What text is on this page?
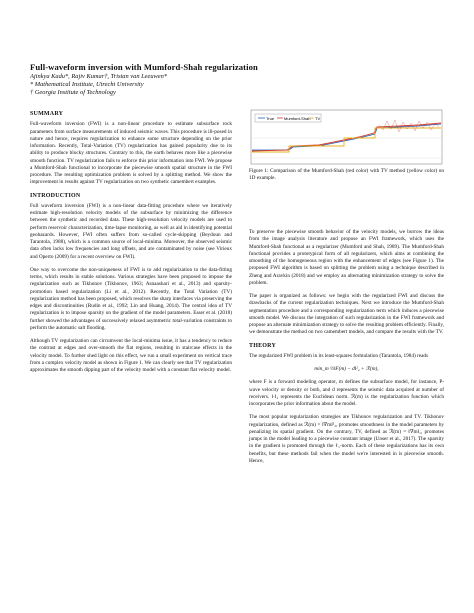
Full-waveform inversion with Mumford-Shah regularization
Ajinkya Kadu*, Rajiv Kumar†, Tristan van Leeuwen*
* Mathematical Institute, Utrecht University
† Georgia Institute of Technology
SUMMARY

Full-waveform inversion (FWI) is a non-linear procedure to estimate subsurface rock parameters from surface measurements of induced seismic waves. This procedure is ill-posed in nature and hence, requires regularization to enhance some structure depending on the prior information. Recently, Total-Variation (TV) regularization has gained popularity due to its ability to produce blocky structures. Contrary to this, the earth behaves more like a piecewise smooth function. TV regularization fails to enforce this prior information into FWI. We propose a Mumford-Shah functional to incorporate the piecewise smooth spatial structure in the FWI procedure. The resulting optimization problem is solved by a splitting method. We show the improvement in results against TV regularization on two synthetic camembert examples.

INTRODUCTION

Full waveform inversion (FWI) is a non-linear data-fitting procedure where we iteratively estimate high-resolution velocity models of the subsurface by minimizing the difference between the synthetic and recorded data. These high-resolution velocity models are used to perform reservoir characterization, time-lapse monitoring, as well as aid in identifying potential geohazards. However, FWI often suffers from so-called cycle-skipping (Beydoun and Tarantola, 1988), which is a common source of local-minima. Moreover, the observed seismic data often lacks low frequencies and long offsets, and are contaminated by noise (see Virieux and Operto (2009) for a recent overview on FWI).

One way to overcome the non-uniqueness of FWI is to add regularization to the data-fitting terms, which results in stable solutions. Various strategies have been proposed to impose the regularization such as Tikhonov (Tikhonov, 1963; Asnaashari et al., 2013) and sparsity-promotion based regularization (Li et al., 2012). Recently, the Total Variation (TV) regularization method has been proposed, which resolves the sharp interfaces via preserving the edges and discontinuities (Rudin et al., 1992; Lin and Huang, 2014). The central idea of TV regularization is to impose sparsity on the gradient of the model parameters. Esser et al. (2018) further showed the advantages of successively relaxed asymmetric total-variation constraints to perform the automatic salt flooding.

Although TV regularization can circumvent the local-minima issue, it has a tendency to reduce the contrast at edges and over-smooth the flat regions, resulting in staircase effects in the velocity model. To further shed light on this effect, we run a small experiment on vertical trace from a complex velocity model as shown in Figure 1. We can clearly see that TV regularization approximates the smooth dipping part of the velocity model with a constant flat velocity model.

True Mumford-Shah TV
Figure 1: Comparison of the Mumford-Shah (red color) with TV method (yellow color) on 1D example.

To preserve the piecewise smooth behavior of the velocity models, we borrow the ideas from the image analysis literature and propose an FWI framework, which uses the Mumford-Shah functional as a regularizer (Mumford and Shah, 1989). The Mumford-Shah functional provides a prototypical form of all regularizers, which aims at combining the smoothing of the homogeneous region with the enhancement of edges (see Figure 1). The proposed FWI algorithm is based on splitting the problem using a technique described in Zheng and Aravkin (2018) and we employ an alternating minimization strategy to solve the problem.

The paper is organized as follows: we begin with the regularized FWI and discuss the drawbacks of the current regularization techniques. Next we introduce the Mumford-Shah segmentation procedure and a corresponding regularization term which induces a piecewise smooth model. We discuss the integration of such regularization in the FWI framework and propose an alternate minimization strategy to solve the resulting problem efficiently. Finally, we demonstrate the method on two camembert models, and compare the results with the TV.

THEORY

The regularized FWI problem in its least-squares formulation (Tarantola, 1984) reads

min_m ½‖F(m) − d‖²₂ + ℛ(m),

where F is a forward modeling operator, m defines the subsurface model, for instance, P-wave velocity or density or both, and d represents the seismic data acquired at number of receivers. ‖·‖₂ represents the Euclidean norm. ℛ(m) is the regularization function which incorporates the prior information about the model.

The most popular regularization strategies are Tikhonov regularization and TV. Tikhonov regularization, defined as ℛ(m) = ‖∇m‖²₂, promotes smoothness in the model parameters by penalizing its spatial gradient. On the contrary, TV, defined as ℛ(m) = ‖∇m‖₁, promotes jumps in the model leading to a piecewise constant image (Unser et al., 2017). The sparsity in the gradient is promoted through the ℓ₁-norm. Each of these regularizations has its own benefits, but these methods fail when the model we're interested in is piecewise smooth. Hence,
